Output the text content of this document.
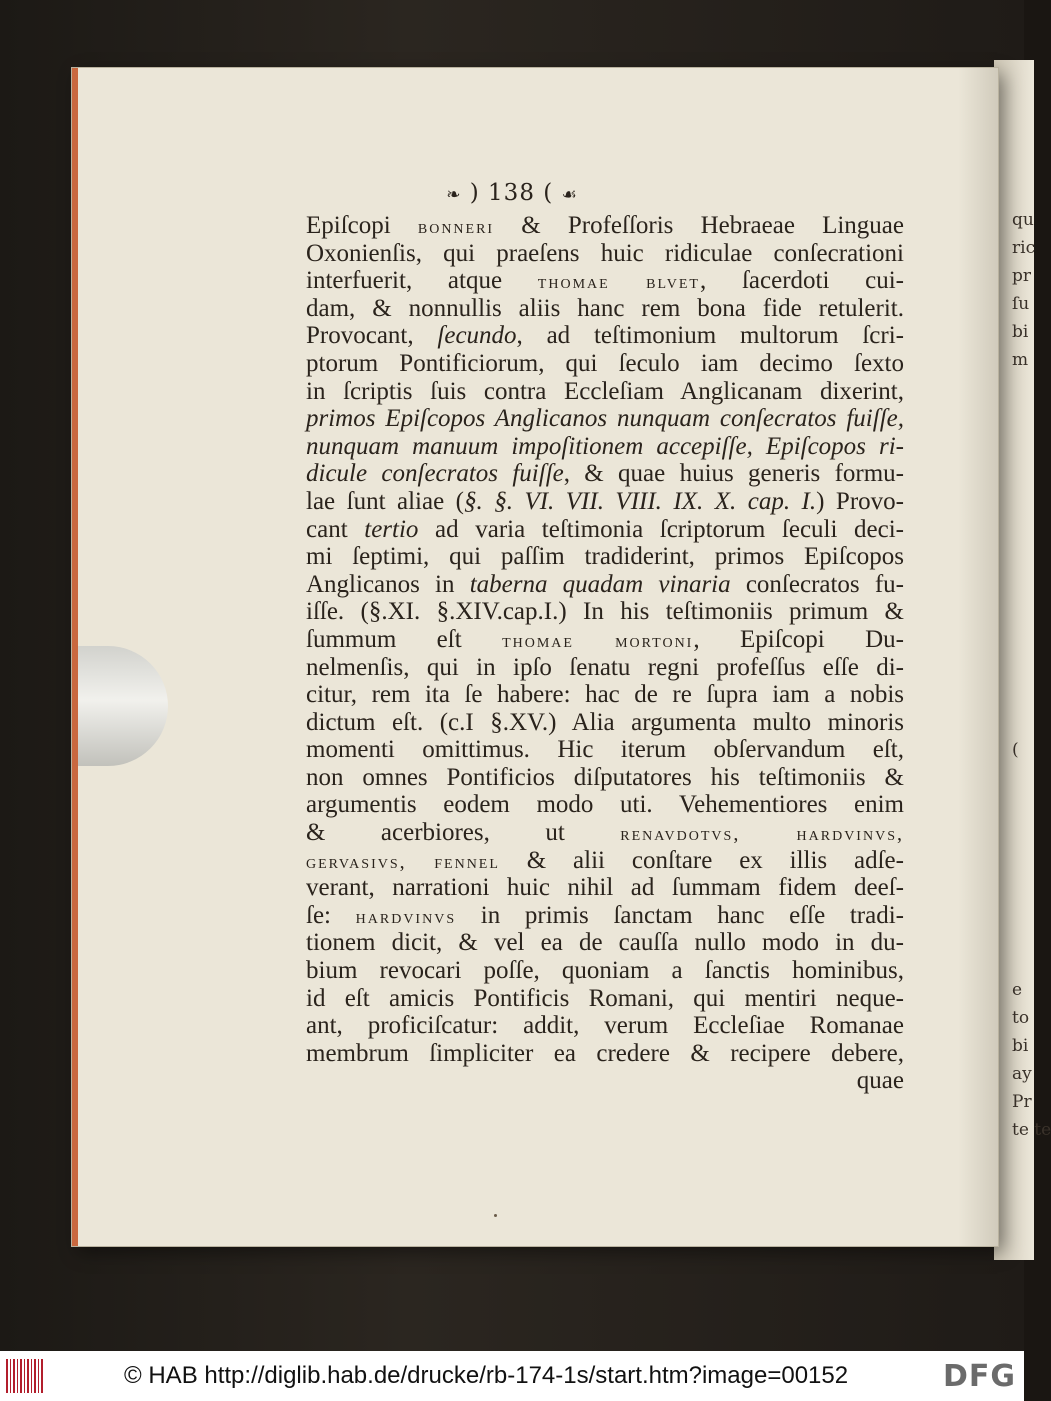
qu
ric
pr
ſu
bi
m
(
e
to
bi
ay
Pr
te te
❧ ) 138 ( ☙
Epiſcopi bonneri & Profeſſoris Hebraeae Linguae
Oxonienſis, qui praeſens huic ridiculae conſecrationi
interfuerit, atque thomae blvet, ſacerdoti cui-
dam, & nonnullis aliis hanc rem bona fide retulerit.
Provocant, ſecundo, ad teſtimonium multorum ſcri-
ptorum Pontificiorum, qui ſeculo iam decimo ſexto
in ſcriptis ſuis contra Eccleſiam Anglicanam dixerint,
primos Epiſcopos Anglicanos nunquam conſecratos fuiſſe,
nunquam manuum impoſitionem accepiſſe, Epiſcopos ri-
dicule conſecratos fuiſſe, & quae huius generis formu-
lae ſunt aliae (§. §. VI. VII. VIII. IX. X. cap. I.) Provo-
cant tertio ad varia teſtimonia ſcriptorum ſeculi deci-
mi ſeptimi, qui paſſim tradiderint, primos Epiſcopos
Anglicanos in taberna quadam vinaria conſecratos fu-
iſſe. (§.XI. §.XIV.cap.I.) In his teſtimoniis primum &
ſummum eſt thomae mortoni, Epiſcopi Du-
nelmenſis, qui in ipſo ſenatu regni profeſſus eſſe di-
citur, rem ita ſe habere: hac de re ſupra iam a nobis
dictum eſt. (c.I §.XV.) Alia argumenta multo minoris
momenti omittimus. Hic iterum obſervandum eſt,
non omnes Pontificios diſputatores his teſtimoniis &
argumentis eodem modo uti. Vehementiores enim
& acerbiores, ut renavdotvs, hardvinvs,
gervasivs, fennel & alii conſtare ex illis adſe-
verant, narrationi huic nihil ad ſummam fidem deeſ-
ſe: hardvinvs in primis ſanctam hanc eſſe tradi-
tionem dicit, & vel ea de cauſſa nullo modo in du-
bium revocari poſſe, quoniam a ſanctis hominibus,
id eſt amicis Pontificis Romani, qui mentiri neque-
ant, proficiſcatur: addit, verum Eccleſiae Romanae
membrum ſimpliciter ea credere & recipere debere,
quae
© HAB http://diglib.hab.de/drucke/rb-174-1s/start.htm?image=00152	DFG
